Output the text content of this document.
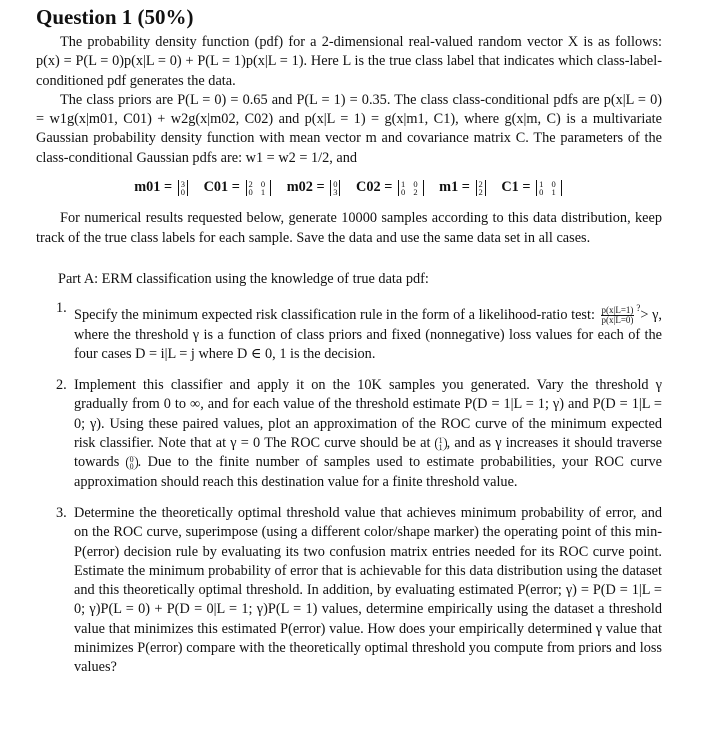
Question 1 (50%)

The probability density function (pdf) for a 2-dimensional real-valued random vector X is as follows: p(x) = P(L = 0)p(x|L = 0) + P(L = 1)p(x|L = 1). Here L is the true class label that indicates which class-label-conditioned pdf generates the data.

The class priors are P(L = 0) = 0.65 and P(L = 1) = 0.35. The class class-conditional pdfs are p(x|L = 0) = w1g(x|m01, C01) + w2g(x|m02, C02) and p(x|L = 1) = g(x|m1, C1), where g(x|m, C) is a multivariate Gaussian probability density function with mean vector m and covariance matrix C. The parameters of the class-conditional Gaussian pdfs are: w1 = w2 = 1/2, and

m01 = 3
0 C01 = 2 0
0 1 m02 = 0
3 C02 = 1 0
0 2 m1 = 2
2 C1 = 1 0
0 1

For numerical results requested below, generate 10000 samples according to this data distribution, keep track of the true class labels for each sample. Save the data and use the same data set in all cases.

Part A: ERM classification using the knowledge of true data pdf:
1. Specify the minimum expected risk classification rule in the form of a likelihood-ratio test: $\frac{p(x|L=1)}{p(x|L=0)} ^?> \gamma$, where the threshold γ is a function of class priors and fixed (nonnegative) loss values for each of the four cases D = i|L = j where D ∈ 0, 1 is the decision.
2. Implement this classifier and apply it on the 10K samples you generated. Vary the threshold γ gradually from 0 to ∞, and for each value of the threshold estimate P(D = 1|L = 1; γ) and P(D = 1|L = 0; γ). Using these paired values, plot an approximation of the ROC curve of the minimum expected risk classifier. Note that at γ = 0 The ROC curve should be at 1
1 , and as γ increases it should traverse towards 0
0 . Due to the finite number of samples used to estimate probabilities, your ROC curve approximation should reach this destination value for a finite threshold value.
3. Determine the theoretically optimal threshold value that achieves minimum probability of error, and on the ROC curve, superimpose (using a different color/shape marker) the operating point of this min-P(error) decision rule by evaluating its two confusion matrix entries needed for its ROC curve point. Estimate the minimum probability of error that is achievable for this data distribution using the dataset and this theoretically optimal threshold. In addition, by evaluating estimated P(error; γ) = P(D = 1|L = 0; γ)P(L = 0) + P(D = 0|L = 1; γ)P(L = 1) values, determine empirically using the dataset a threshold value that minimizes this estimated P(error) value. How does your empirically determined γ value that minimizes P(error) compare with the theoretically optimal threshold you compute from priors and loss values?
